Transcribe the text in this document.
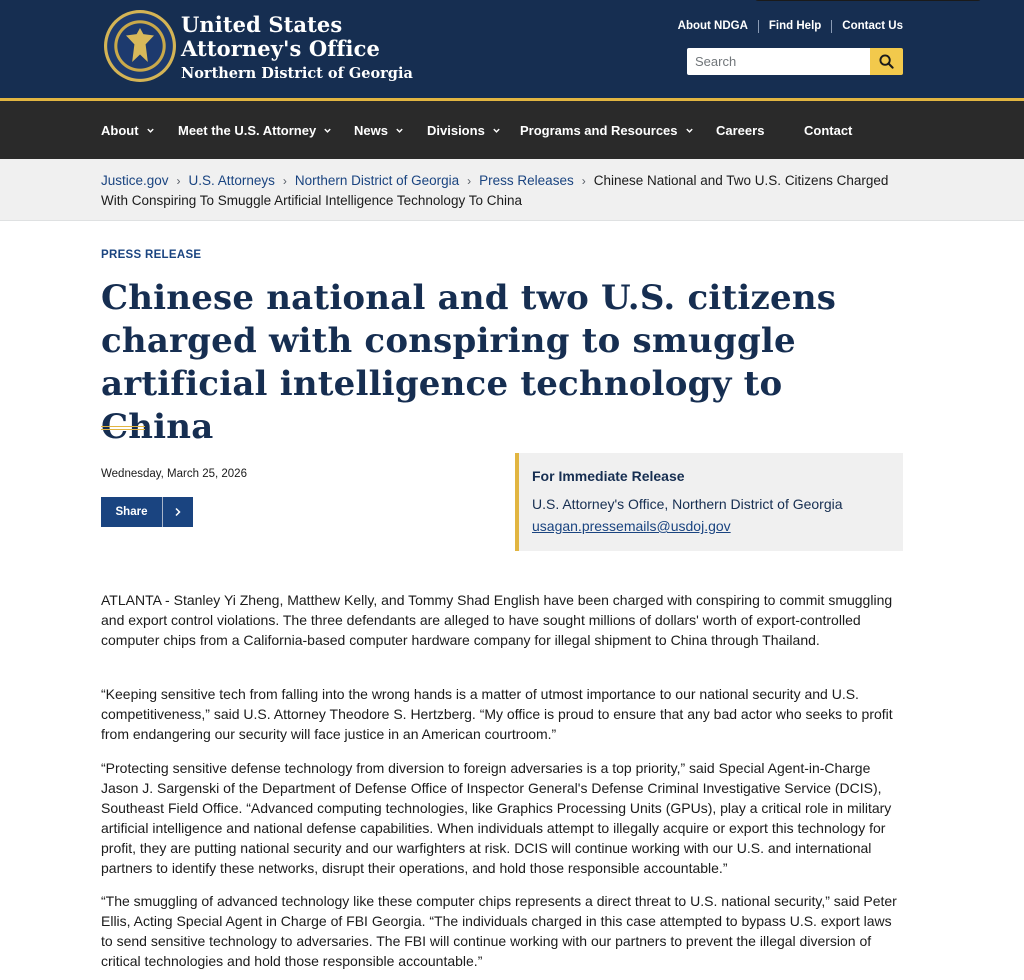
United States
Attorney's Office
Northern District of Georgia
About NDGA	Find Help	Contact Us
Search
About	Meet the U.S. Attorney	News	Divisions	Programs and Resources	Careers	Contact
Justice.gov › U.S. Attorneys › Northern District of Georgia › Press Releases › Chinese National and Two U.S. Citizens Charged With Conspiring To Smuggle Artificial Intelligence Technology To China
PRESS RELEASE
Chinese national and two U.S. citizens charged with conspiring to smuggle artificial intelligence technology to China
Wednesday, March 25, 2026
Share
For Immediate Release
U.S. Attorney's Office, Northern District of Georgia
usagan.pressemails@usdoj.gov

ATLANTA - Stanley Yi Zheng, Matthew Kelly, and Tommy Shad English have been charged with conspiring to commit smuggling and export control violations. The three defendants are alleged to have sought millions of dollars' worth of export-controlled computer chips from a California-based computer hardware company for illegal shipment to China through Thailand.

“Keeping sensitive tech from falling into the wrong hands is a matter of utmost importance to our national security and U.S. competitiveness,” said U.S. Attorney Theodore S. Hertzberg. “My office is proud to ensure that any bad actor who seeks to profit from endangering our security will face justice in an American courtroom.”

“Protecting sensitive defense technology from diversion to foreign adversaries is a top priority,” said Special Agent-in-Charge Jason J. Sargenski of the Department of Defense Office of Inspector General's Defense Criminal Investigative Service (DCIS), Southeast Field Office. “Advanced computing technologies, like Graphics Processing Units (GPUs), play a critical role in military artificial intelligence and national defense capabilities. When individuals attempt to illegally acquire or export this technology for profit, they are putting national security and our warfighters at risk. DCIS will continue working with our U.S. and international partners to identify these networks, disrupt their operations, and hold those responsible accountable.”

“The smuggling of advanced technology like these computer chips represents a direct threat to U.S. national security,” said Peter Ellis, Acting Special Agent in Charge of FBI Georgia. “The individuals charged in this case attempted to bypass U.S. export laws to send sensitive technology to adversaries. The FBI will continue working with our partners to prevent the illegal diversion of critical technologies and hold those responsible accountable.”
